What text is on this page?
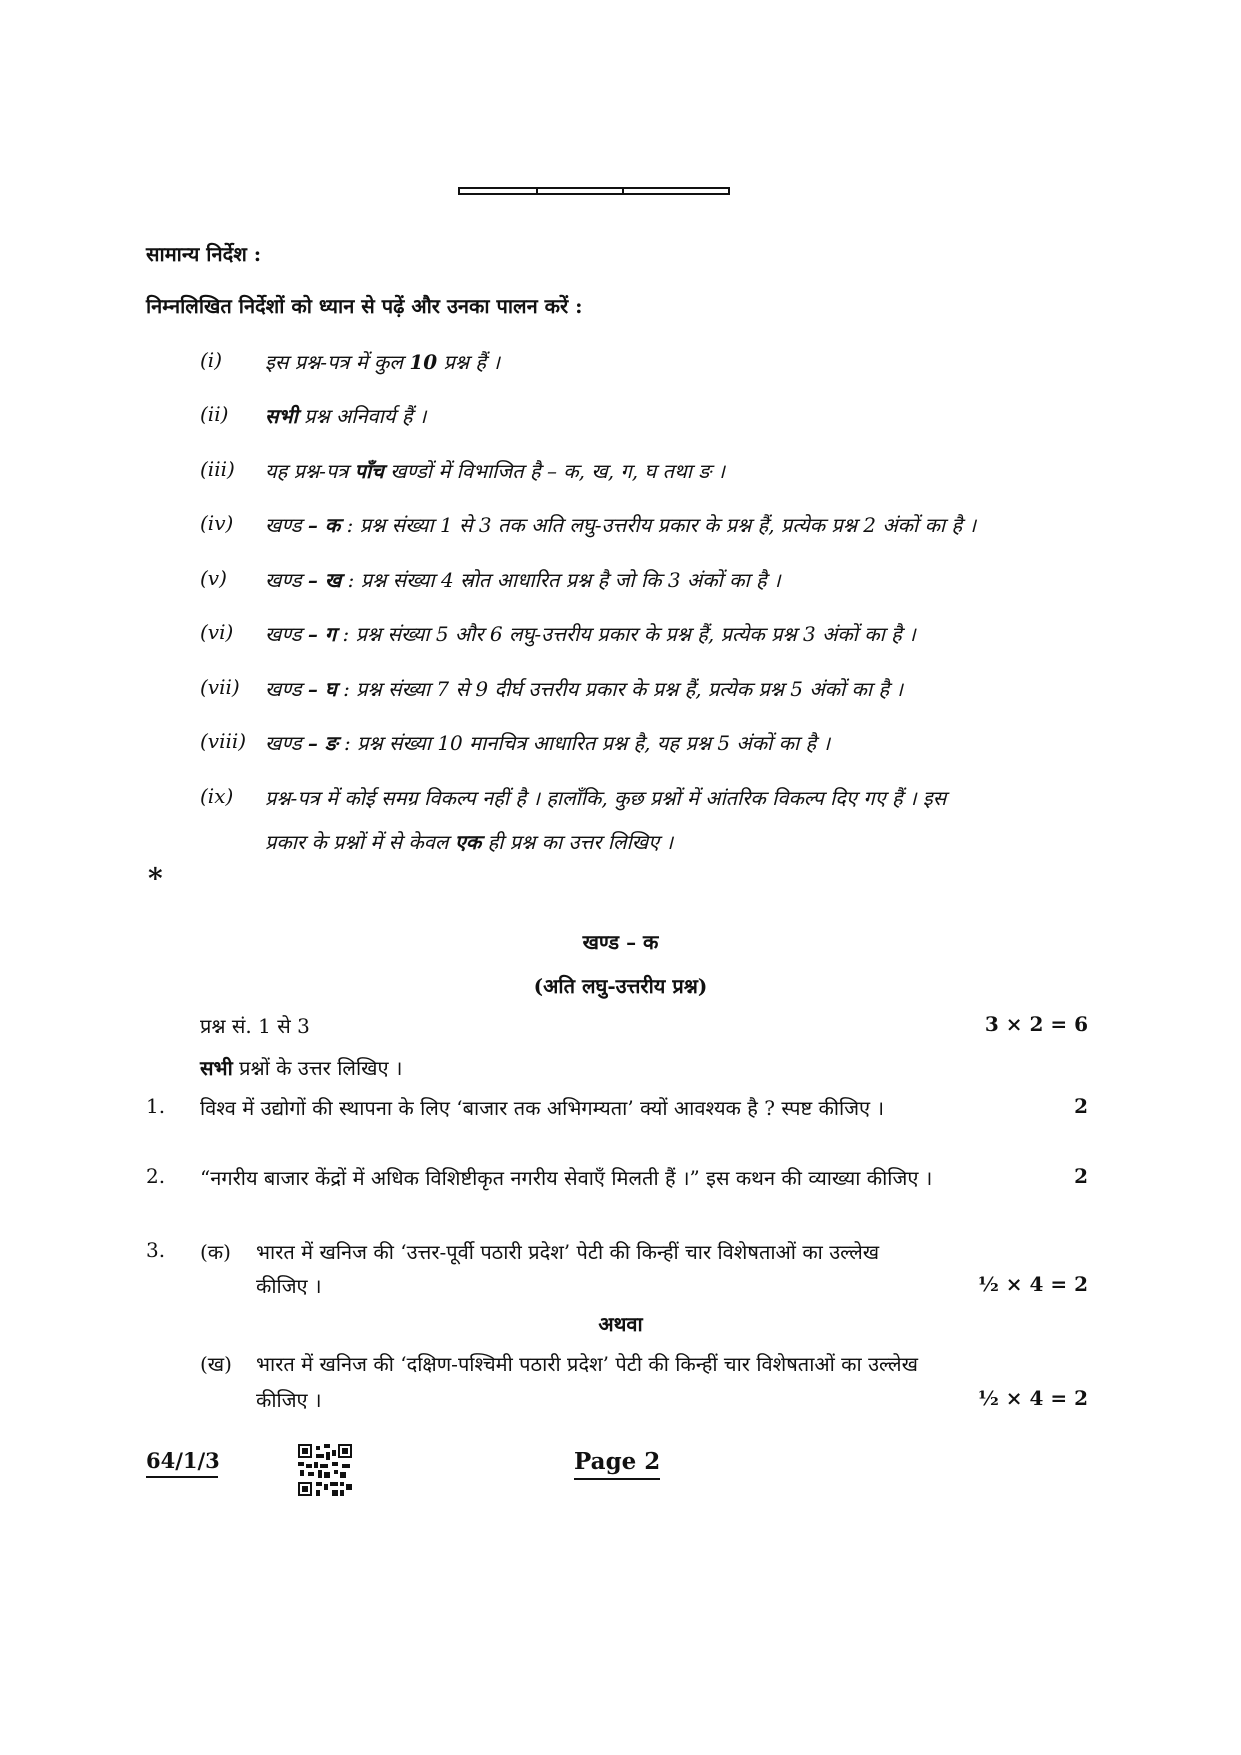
सामान्य निर्देश :
निम्नलिखित निर्देशों को ध्यान से पढ़ें और उनका पालन करें :
(i) इस प्रश्न-पत्र में कुल 10 प्रश्न हैं ।
(ii) सभी प्रश्न अनिवार्य हैं ।
(iii) यह प्रश्न-पत्र पाँच खण्डों में विभाजित है – क, ख, ग, घ तथा ङ ।
(iv) खण्ड – क : प्रश्न संख्या 1 से 3 तक अति लघु-उत्तरीय प्रकार के प्रश्न हैं, प्रत्येक प्रश्न 2 अंकों का है ।
(v) खण्ड – ख : प्रश्न संख्या 4 स्रोत आधारित प्रश्न है जो कि 3 अंकों का है ।
(vi) खण्ड – ग : प्रश्न संख्या 5 और 6 लघु-उत्तरीय प्रकार के प्रश्न हैं, प्रत्येक प्रश्न 3 अंकों का है ।
(vii) खण्ड – घ : प्रश्न संख्या 7 से 9 दीर्घ उत्तरीय प्रकार के प्रश्न हैं, प्रत्येक प्रश्न 5 अंकों का है ।
(viii) खण्ड – ङ : प्रश्न संख्या 10 मानचित्र आधारित प्रश्न है, यह प्रश्न 5 अंकों का है ।
(ix) प्रश्न-पत्र में कोई समग्र विकल्प नहीं है । हालाँकि, कुछ प्रश्नों में आंतरिक विकल्प दिए गए हैं । इस
प्रकार के प्रश्नों में से केवल एक ही प्रश्न का उत्तर लिखिए ।
*
खण्ड – क
(अति लघु-उत्तरीय प्रश्न)
प्रश्न सं. 1 से 3	3 × 2 = 6
सभी प्रश्नों के उत्तर लिखिए ।
1. विश्व में उद्योगों की स्थापना के लिए ‘बाजार तक अभिगम्यता’ क्यों आवश्यक है ? स्पष्ट कीजिए ।	2
2. “नगरीय बाजार केंद्रों में अधिक विशिष्टीकृत नगरीय सेवाएँ मिलती हैं ।” इस कथन की व्याख्या कीजिए ।	2
3. (क) भारत में खनिज की ‘उत्तर-पूर्वी पठारी प्रदेश’ पेटी की किन्हीं चार विशेषताओं का उल्लेख
कीजिए ।	½ × 4 = 2
अथवा
(ख) भारत में खनिज की ‘दक्षिण-पश्चिमी पठारी प्रदेश’ पेटी की किन्हीं चार विशेषताओं का उल्लेख
कीजिए ।	½ × 4 = 2
64/1/3	Page 2
